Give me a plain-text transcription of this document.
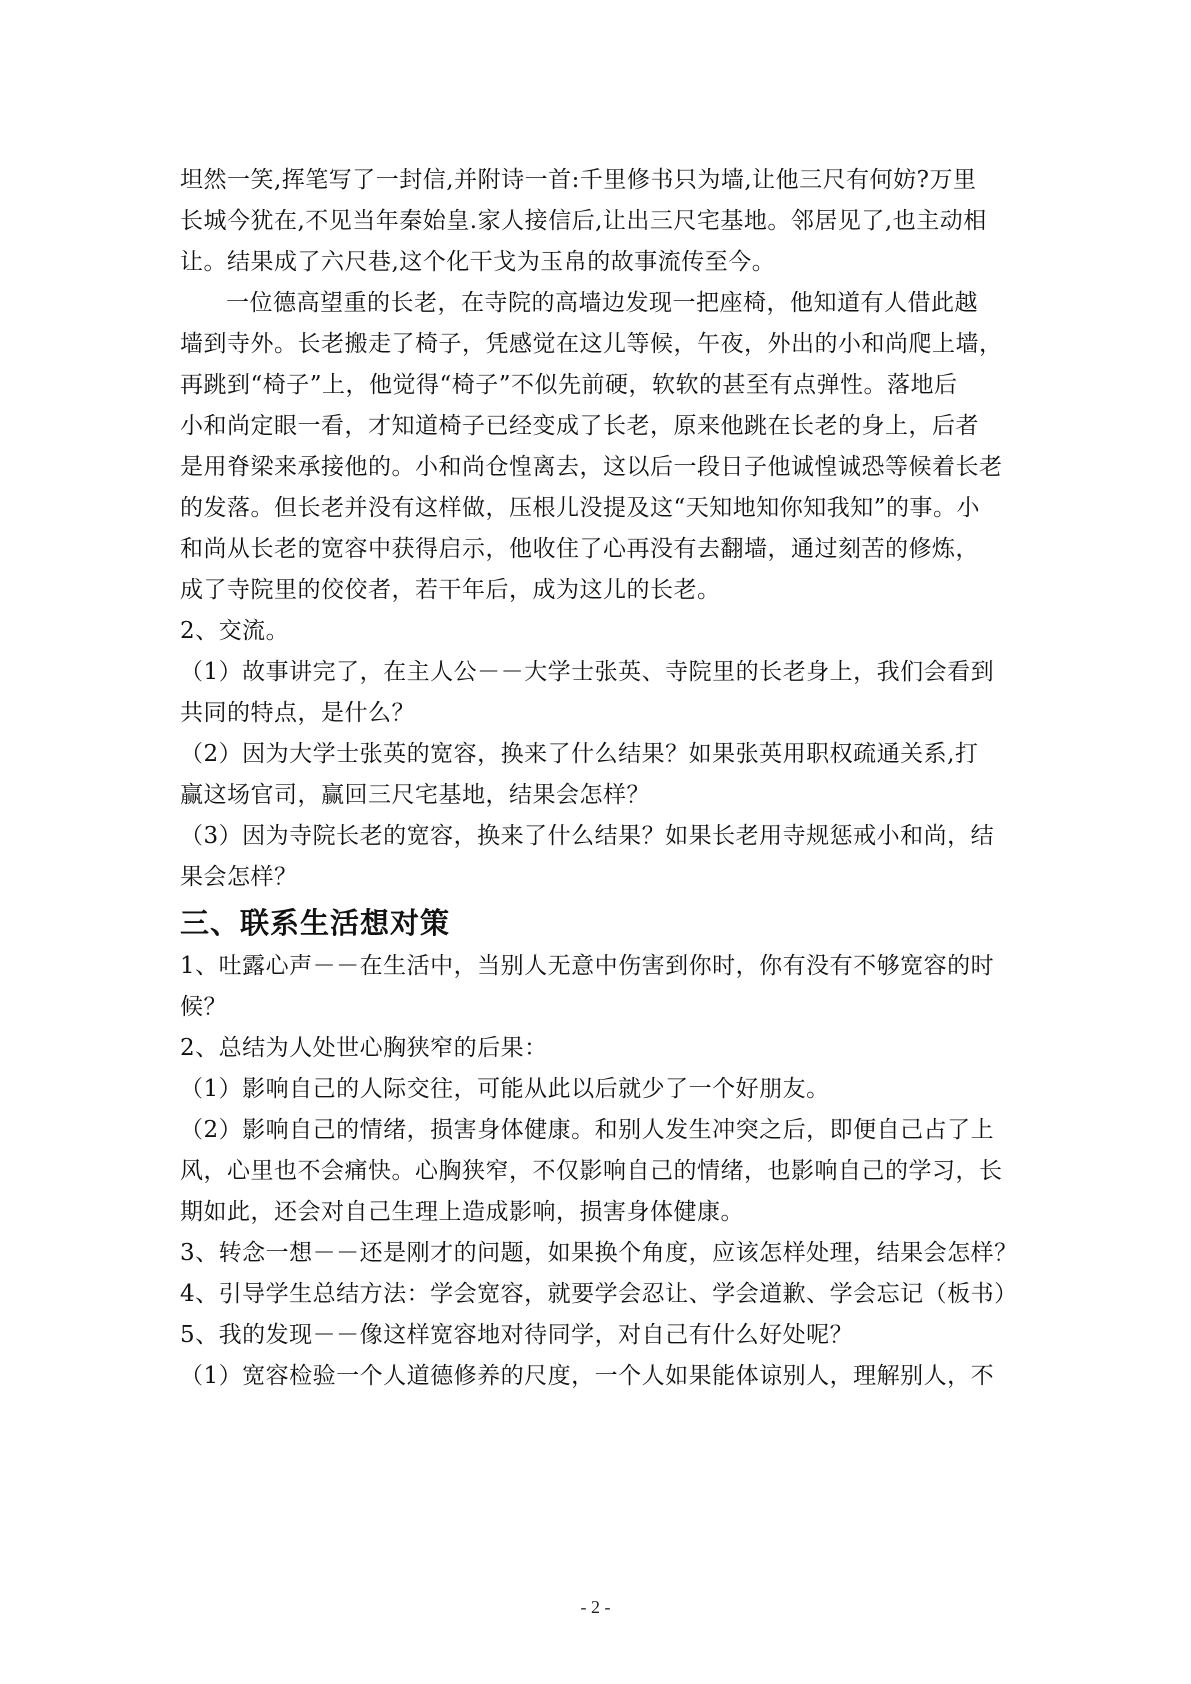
坦然一笑,挥笔写了一封信,并附诗一首:千里修书只为墙,让他三尺有何妨?万里
长城今犹在,不见当年秦始皇.家人接信后,让出三尺宅基地。邻居见了,也主动相
让。结果成了六尺巷,这个化干戈为玉帛的故事流传至今。
一位德高望重的长老，在寺院的高墙边发现一把座椅，他知道有人借此越
墙到寺外。长老搬走了椅子，凭感觉在这儿等候，午夜，外出的小和尚爬上墙，
再跳到“椅子”上，他觉得“椅子”不似先前硬，软软的甚至有点弹性。落地后
小和尚定眼一看，才知道椅子已经变成了长老，原来他跳在长老的身上，后者
是用脊梁来承接他的。小和尚仓惶离去，这以后一段日子他诚惶诚恐等候着长老
的发落。但长老并没有这样做，压根儿没提及这“天知地知你知我知”的事。小
和尚从长老的宽容中获得启示，他收住了心再没有去翻墙，通过刻苦的修炼，
成了寺院里的佼佼者，若干年后，成为这儿的长老。
2、交流。
（1）故事讲完了，在主人公－－大学士张英、寺院里的长老身上，我们会看到
共同的特点，是什么？
（2）因为大学士张英的宽容，换来了什么结果？如果张英用职权疏通关系,打
赢这场官司，赢回三尺宅基地，结果会怎样？
（3）因为寺院长老的宽容，换来了什么结果？如果长老用寺规惩戒小和尚，结
果会怎样？
三、联系生活想对策
1、吐露心声－－在生活中，当别人无意中伤害到你时，你有没有不够宽容的时
候？
2、总结为人处世心胸狭窄的后果：
（1）影响自己的人际交往，可能从此以后就少了一个好朋友。
（2）影响自己的情绪，损害身体健康。和别人发生冲突之后，即便自己占了上
风，心里也不会痛快。心胸狭窄，不仅影响自己的情绪，也影响自己的学习，长
期如此，还会对自己生理上造成影响，损害身体健康。
3、转念一想－－还是刚才的问题，如果换个角度，应该怎样处理，结果会怎样？
4、引导学生总结方法：学会宽容，就要学会忍让、学会道歉、学会忘记（板书）
5、我的发现－－像这样宽容地对待同学，对自己有什么好处呢？
（1）宽容检验一个人道德修养的尺度，一个人如果能体谅别人，理解别人，不
- 2 -
